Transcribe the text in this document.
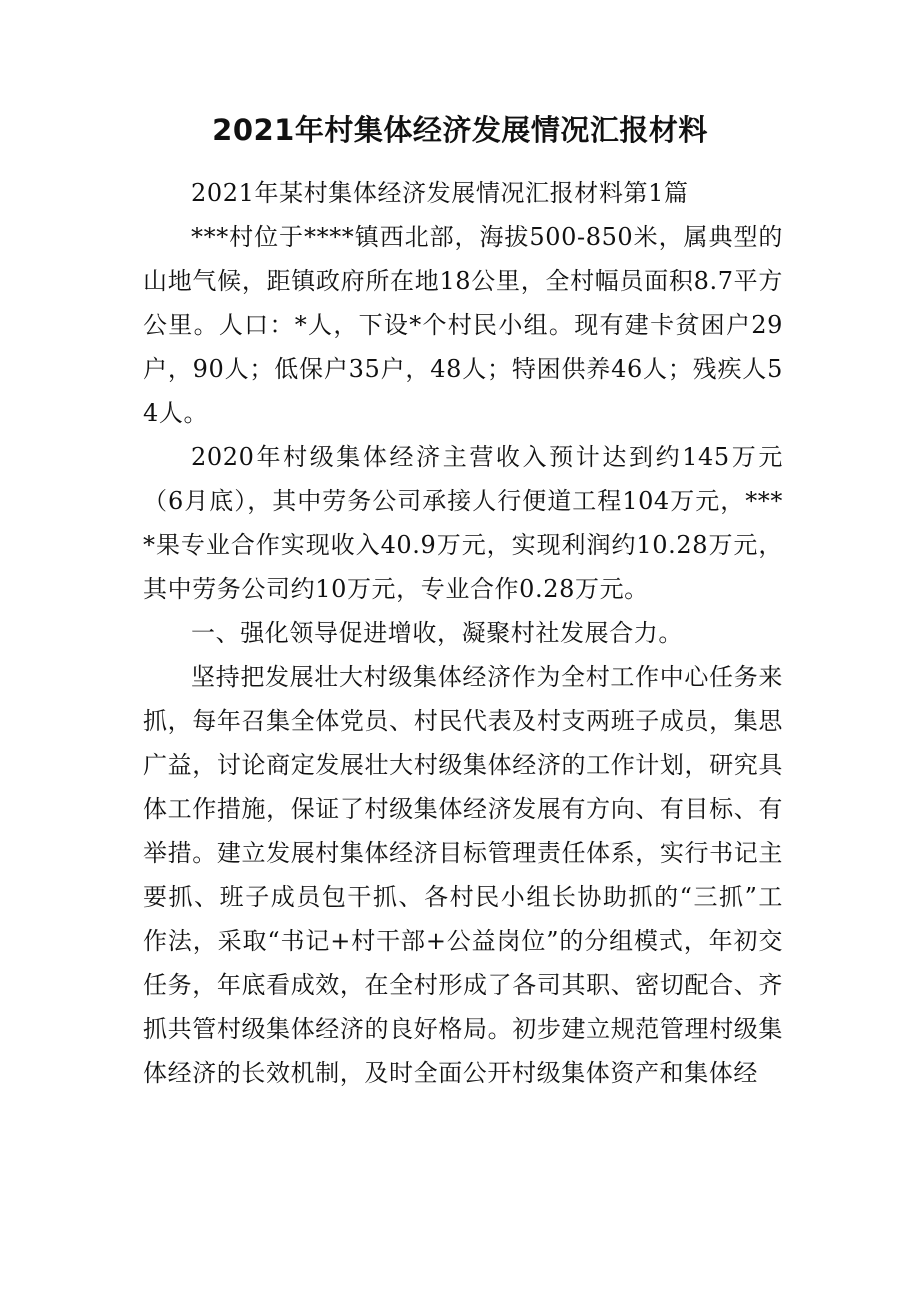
2021年村集体经济发展情况汇报材料

2021年某村集体经济发展情况汇报材料第1篇

***村位于****镇西北部，海拔500-850米，属典型的山地气候，距镇政府所在地18公里，全村幅员面积8.7平方公里。人口：*人，下设*个村民小组。现有建卡贫困户29户，90人；低保户35户，48人；特困供养46人；残疾人54人。

2020年村级集体经济主营收入预计达到约145万元（6月底），其中劳务公司承接人行便道工程104万元，****果专业合作实现收入40.9万元，实现利润约10.28万元，其中劳务公司约10万元，专业合作0.28万元。

一、强化领导促进增收，凝聚村社发展合力。

坚持把发展壮大村级集体经济作为全村工作中心任务来抓，每年召集全体党员、村民代表及村支两班子成员，集思广益，讨论商定发展壮大村级集体经济的工作计划，研究具体工作措施，保证了村级集体经济发展有方向、有目标、有举措。建立发展村集体经济目标管理责任体系，实行书记主要抓、班子成员包干抓、各村民小组长协助抓的“三抓”工作法，采取“书记+村干部+公益岗位”的分组模式，年初交任务，年底看成效，在全村形成了各司其职、密切配合、齐抓共管村级集体经济的良好格局。初步建立规范管理村级集体经济的长效机制，及时全面公开村级集体资产和集体经
